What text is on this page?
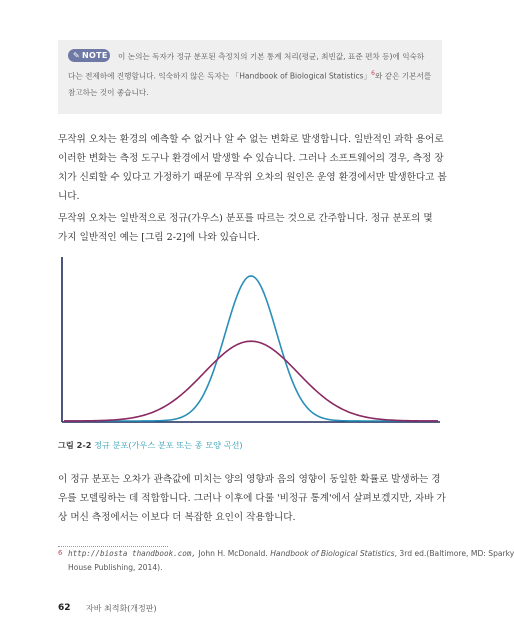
✎ NOTE 이 논의는 독자가 정규 분포된 측정치의 기본 통계 처리(평균, 최빈값, 표준 편차 등)에 익숙하
다는 전제하에 진행합니다. 익숙하지 않은 독자는 「Handbook of Biological Statistics」$^6$와 같은 기본서를
참고하는 것이 좋습니다.
무작위 오차는 환경의 예측할 수 없거나 알 수 없는 변화로 발생합니다. 일반적인 과학 용어로
이러한 변화는 측정 도구나 환경에서 발생할 수 있습니다. 그러나 소프트웨어의 경우, 측정 장
치가 신뢰할 수 있다고 가정하기 때문에 무작위 오차의 원인은 운영 환경에서만 발생한다고 봅
니다.
무작위 오차는 일반적으로 정규(가우스) 분포를 따르는 것으로 간주합니다. 정규 분포의 몇
가지 일반적인 예는 [그림 2-2]에 나와 있습니다.
그림 2-2 정규 분포(가우스 분포 또는 종 모양 곡선)
이 정규 분포는 오차가 관측값에 미치는 양의 영향과 음의 영향이 동일한 확률로 발생하는 경
우를 모델링하는 데 적합합니다. 그러나 이후에 다룰 '비정규 통계'에서 살펴보겠지만, 자바 가
상 머신 측정에서는 이보다 더 복잡한 요인이 작용합니다.
6 http://biosta thandbook.com, John H. McDonald. Handbook of Biological Statistics, 3rd ed.(Baltimore, MD: Sparky
House Publishing, 2014).
62 자바 최적화(개정판)
